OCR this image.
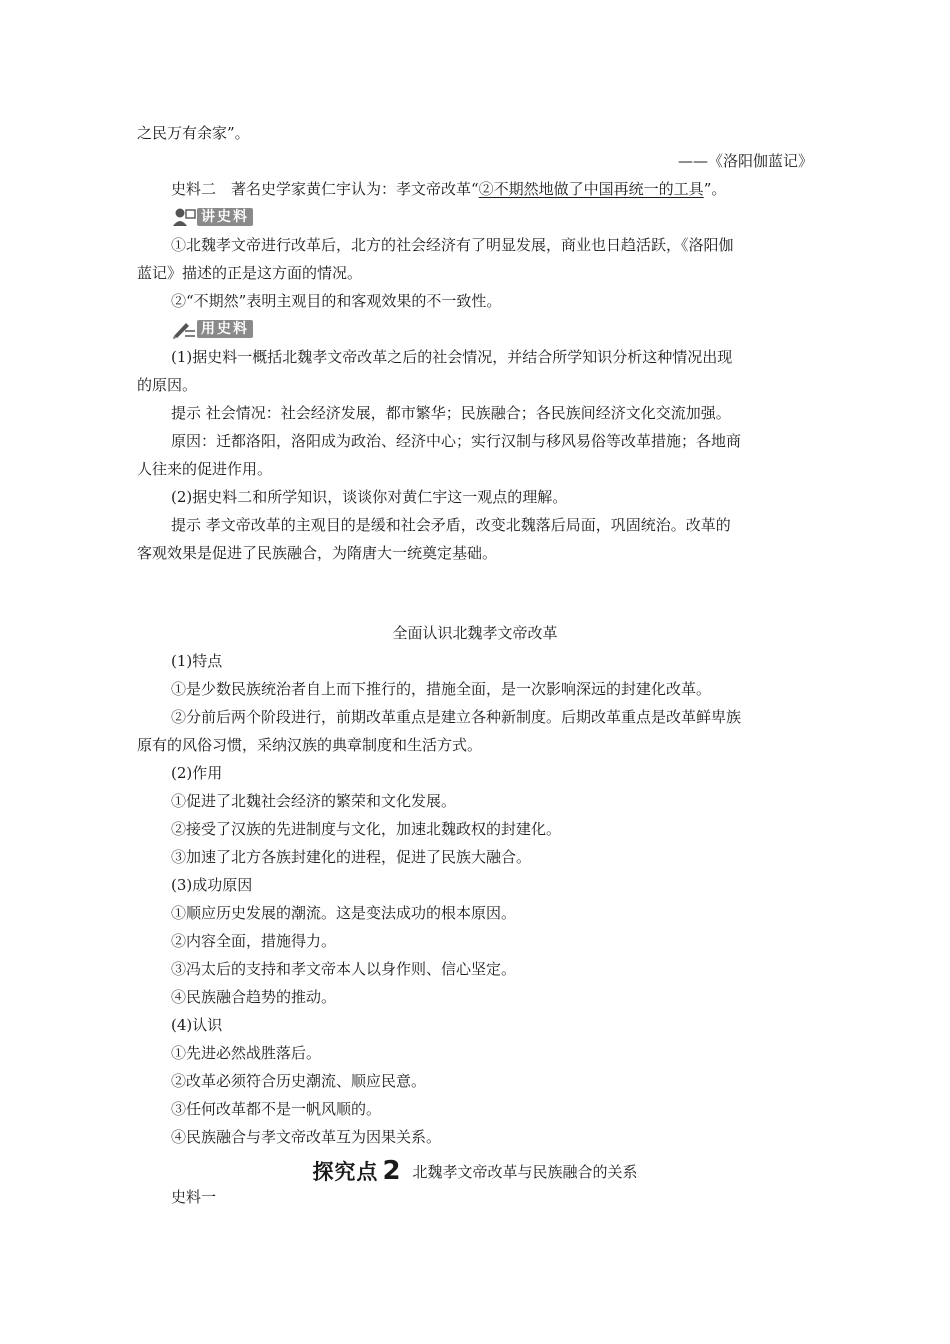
之民万有余家”。
——《洛阳伽蓝记》
史料二　著名史学家黄仁宇认为：孝文帝改革“②不期然地做了中国再统一的工具”。
讲史料
①北魏孝文帝进行改革后，北方的社会经济有了明显发展，商业也日趋活跃，《洛阳伽
蓝记》描述的正是这方面的情况。
②“不期然”表明主观目的和客观效果的不一致性。
用史料
(1)据史料一概括北魏孝文帝改革之后的社会情况，并结合所学知识分析这种情况出现
的原因。
提示 社会情况：社会经济发展，都市繁华；民族融合；各民族间经济文化交流加强。
原因：迁都洛阳，洛阳成为政治、经济中心；实行汉制与移风易俗等改革措施；各地商
人往来的促进作用。
(2)据史料二和所学知识，谈谈你对黄仁宇这一观点的理解。
提示 孝文帝改革的主观目的是缓和社会矛盾，改变北魏落后局面，巩固统治。改革的
客观效果是促进了民族融合，为隋唐大一统奠定基础。
全面认识北魏孝文帝改革
(1)特点
①是少数民族统治者自上而下推行的，措施全面，是一次影响深远的封建化改革。
②分前后两个阶段进行，前期改革重点是建立各种新制度。后期改革重点是改革鲜卑族
原有的风俗习惯，采纳汉族的典章制度和生活方式。
(2)作用
①促进了北魏社会经济的繁荣和文化发展。
②接受了汉族的先进制度与文化，加速北魏政权的封建化。
③加速了北方各族封建化的进程，促进了民族大融合。
(3)成功原因
①顺应历史发展的潮流。这是变法成功的根本原因。
②内容全面，措施得力。
③冯太后的支持和孝文帝本人以身作则、信心坚定。
④民族融合趋势的推动。
(4)认识
①先进必然战胜落后。
②改革必须符合历史潮流、顺应民意。
③任何改革都不是一帆风顺的。
④民族融合与孝文帝改革互为因果关系。
探究点 2 北魏孝文帝改革与民族融合的关系
史料一
